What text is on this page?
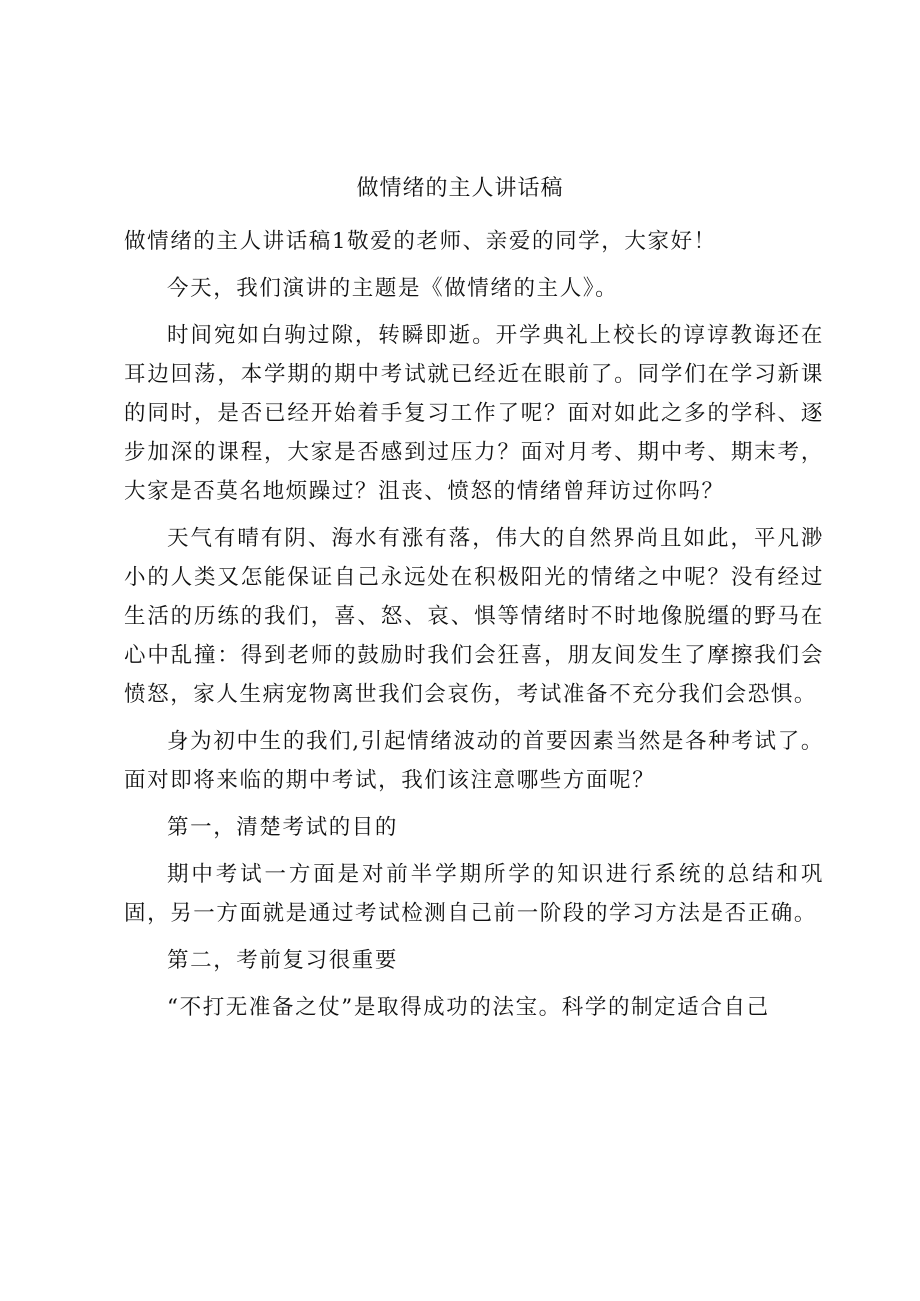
做情绪的主人讲话稿

做情绪的主人讲话稿1敬爱的老师、亲爱的同学，大家好！

今天，我们演讲的主题是《做情绪的主人》。

时间宛如白驹过隙，转瞬即逝。开学典礼上校长的谆谆教诲还在耳边回荡，本学期的期中考试就已经近在眼前了。同学们在学习新课的同时，是否已经开始着手复习工作了呢？面对如此之多的学科、逐步加深的课程，大家是否感到过压力？面对月考、期中考、期末考，大家是否莫名地烦躁过？沮丧、愤怒的情绪曾拜访过你吗？

天气有晴有阴、海水有涨有落，伟大的自然界尚且如此，平凡渺小的人类又怎能保证自己永远处在积极阳光的情绪之中呢？没有经过生活的历练的我们，喜、怒、哀、惧等情绪时不时地像脱缰的野马在心中乱撞：得到老师的鼓励时我们会狂喜，朋友间发生了摩擦我们会愤怒，家人生病宠物离世我们会哀伤，考试准备不充分我们会恐惧。

身为初中生的我们,引起情绪波动的首要因素当然是各种考试了。面对即将来临的期中考试，我们该注意哪些方面呢？

第一，清楚考试的目的

期中考试一方面是对前半学期所学的知识进行系统的总结和巩固，另一方面就是通过考试检测自己前一阶段的学习方法是否正确。

第二，考前复习很重要

“不打无准备之仗”是取得成功的法宝。科学的制定适合自己
